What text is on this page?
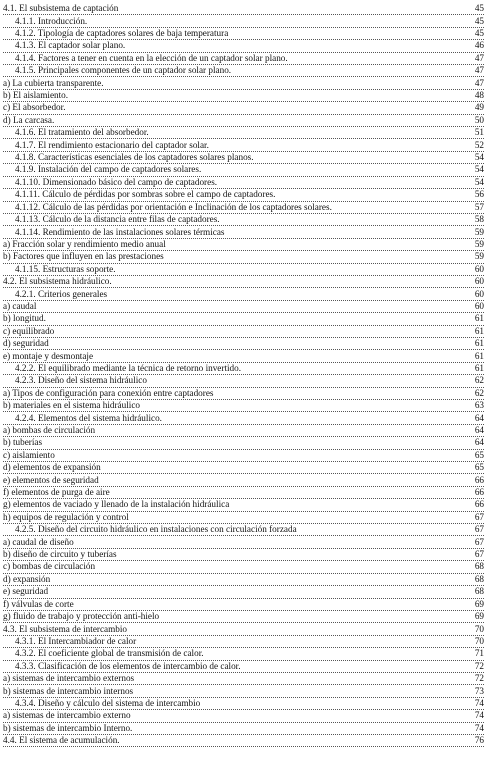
4.1. El subsistema de captación	45
4.1.1. Introducción.	45
4.1.2. Tipología de captadores solares de baja temperatura	45
4.1.3. El captador solar plano.	46
4.1.4. Factores a tener en cuenta en la elección de un captador solar plano.	47
4.1.5. Principales componentes de un captador solar plano.	47
a) La cubierta transparente.	47
b) El aislamiento.	48
c) El absorbedor.	49
d) La carcasa.	50
4.1.6. El tratamiento del absorbedor.	51
4.1.7. El rendimiento estacionario del captador solar.	52
4.1.8. Características esenciales de los captadores solares planos.	54
4.1.9. Instalación del campo de captadores solares.	54
4.1.10. Dimensionado básico del campo de captadores.	54
4.1.11. Cálculo de pérdidas por sombras sobre el campo de captadores.	56
4.1.12. Cálculo de las pérdidas por orientación e Inclinación de los captadores solares.	57
4.1.13. Cálculo de la distancia entre filas de captadores.	58
4.1.14. Rendimiento de las instalaciones solares térmicas	59
a) Fracción solar y rendimiento medio anual	59
b) Factores que influyen en las prestaciones	59
4.1.15. Estructuras soporte.	60
4.2. El subsistema hidráulico.	60
4.2.1. Criterios generales	60
a) caudal	60
b) longitud.	61
c) equilibrado	61
d) seguridad	61
e) montaje y desmontaje	61
4.2.2. El equilibrado mediante la técnica de retorno invertido.	61
4.2.3. Diseño del sistema hidráulico	62
a) Tipos de configuración para conexión entre captadores	62
b) materiales en el sistema hidráulico	63
4.2.4. Elementos del sistema hidráulico.	64
a) bombas de circulación	64
b) tuberías	64
c) aislamiento	65
d) elementos de expansión	65
e) elementos de seguridad	66
f) elementos de purga de aire	66
g) elementos de vaciado y llenado de la instalación hidráulica	66
h) equipos de regulación y control	67
4.2.5. Diseño del circuito hidráulico en instalaciones con circulación forzada	67
a) caudal de diseño	67
b) diseño de circuito y tuberías	67
c) bombas de circulación	68
d) expansión	68
e) seguridad	68
f) válvulas de corte	69
g) fluido de trabajo y protección anti-hielo	69
4.3. El subsistema de intercambio	70
4.3.1. El Intercambiador de calor	70
4.3.2. El coeficiente global de transmisión de calor.	71
4.3.3. Clasificación de los elementos de intercambio de calor.	72
a) sistemas de intercambio externos	72
b) sistemas de intercambio internos	73
4.3.4. Diseño y cálculo del sistema de intercambio	74
a) sistemas de intercambio externo	74
b) sistemas de intercambio Interno.	74
4.4. El sistema de acumulación.	76
